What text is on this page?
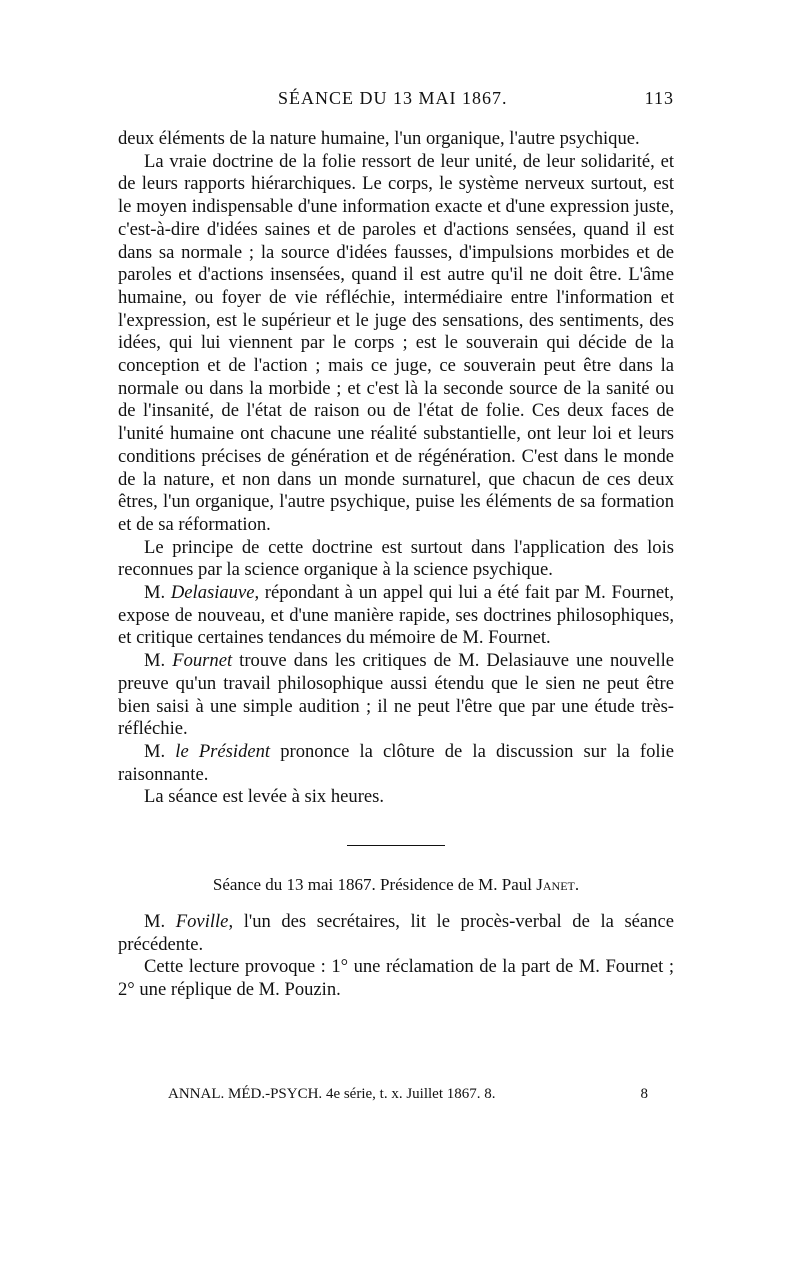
SÉANCE DU 13 MAI 1867.	113

deux éléments de la nature humaine, l'un organique, l'autre psychique.

La vraie doctrine de la folie ressort de leur unité, de leur solidarité, et de leurs rapports hiérarchiques. Le corps, le système nerveux surtout, est le moyen indispensable d'une information exacte et d'une expression juste, c'est-à-dire d'idées saines et de paroles et d'actions sensées, quand il est dans sa normale ; la source d'idées fausses, d'impulsions morbides et de paroles et d'actions insensées, quand il est autre qu'il ne doit être. L'âme humaine, ou foyer de vie réfléchie, intermédiaire entre l'information et l'expression, est le supérieur et le juge des sensations, des sentiments, des idées, qui lui viennent par le corps ; est le souverain qui décide de la conception et de l'action ; mais ce juge, ce souverain peut être dans la normale ou dans la morbide ; et c'est là la seconde source de la sanité ou de l'insanité, de l'état de raison ou de l'état de folie. Ces deux faces de l'unité humaine ont chacune une réalité substantielle, ont leur loi et leurs conditions précises de génération et de régénération. C'est dans le monde de la nature, et non dans un monde surnaturel, que chacun de ces deux êtres, l'un organique, l'autre psychique, puise les éléments de sa formation et de sa réformation.

Le principe de cette doctrine est surtout dans l'application des lois reconnues par la science organique à la science psychique.

M. Delasiauve, répondant à un appel qui lui a été fait par M. Fournet, expose de nouveau, et d'une manière rapide, ses doctrines philosophiques, et critique certaines tendances du mémoire de M. Fournet.

M. Fournet trouve dans les critiques de M. Delasiauve une nouvelle preuve qu'un travail philosophique aussi étendu que le sien ne peut être bien saisi à une simple audition ; il ne peut l'être que par une étude très-réfléchie.

M. le Président prononce la clôture de la discussion sur la folie raisonnante.

La séance est levée à six heures.

Séance du 13 mai 1867. Présidence de M. Paul Janet.

M. Foville, l'un des secrétaires, lit le procès-verbal de la séance précédente.

Cette lecture provoque : 1° une réclamation de la part de M. Fournet ; 2° une réplique de M. Pouzin.

ANNAL. MÉD.-PSYCH. 4e série, t. x. Juillet 1867. 8.	8
